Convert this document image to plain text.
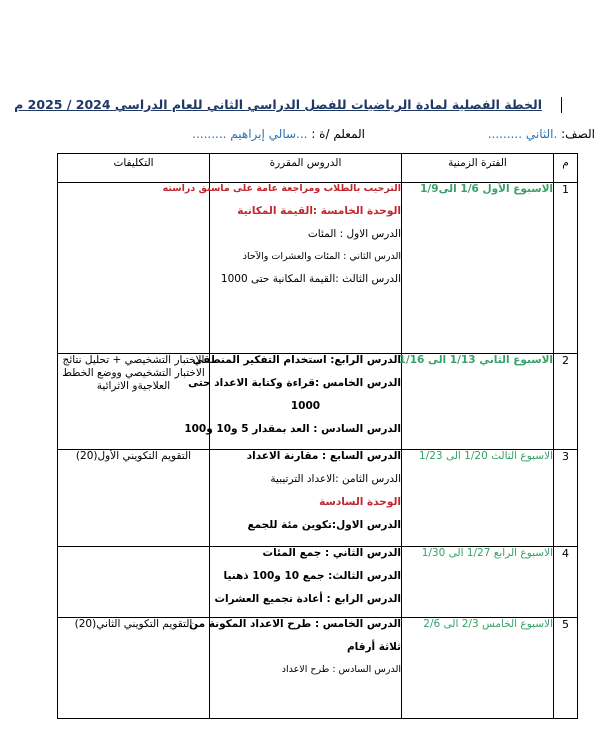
الخطة الفصلية لمادة الرياضيات للفصل الدراسي الثاني للعام الدراسي 2024 / 2025 م
الصف: .الثاني .........
المعلم /ة : ...سالي إبراهيم .........
م	الفترة الزمنية	الدروس المقررة	التكليفات
1	الاسبوع الأول 1/6 الى1/9	الترحيب بالطلاب ومراجعة عامة على ماسبق دراسته
الوحدة الخامسة :القيمة المكانية
الدرس الاول : المئات
الدرس الثاني : المئات والعشرات والآحاد
الدرس الثالث :القيمة المكانية حتى 1000	

2	الاسبوع الثاني 1/13 الى 1/16	الدرس الرابع: استخدام التفكير المنطقي
الدرس الخامس :قراءة وكتابة الاعداد حتى
1000
الدرس السادس : العد بمقدار 5 و10 و100	الاختبار التشخيصي + تحليل نتائج الاختبار التشخيصي ووضع الخطط العلاجيةو الاثرائية
3	الاسبوع الثالث 1/20 الى 1/23	الدرس السابع : مقارنة الاعداد
الدرس الثامن :الاعداد الترتيبية
الوحدة السادسة
الدرس الاول:تكوين مئة للجمع	التقويم التكويني الأول(20)
4	الاسبوع الرابع 1/27 الى 1/30	الدرس الثاني : جمع المئات
الدرس الثالث: جمع 10 و100 ذهنيا
الدرس الرابع : أعادة تجميع العشرات	

5	الاسبوع الخامس 2/3 الى 2/6	الدرس الخامس : طرح الاعداد المكونة من
ثلاثة أرقام
الدرس السادس : طرح الاعداد	التقويم التكويني الثاني(20)
